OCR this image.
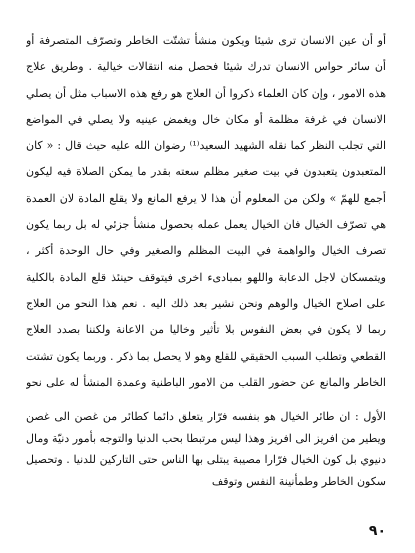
أو أن عين الانسان ترى شيئا ويكون منشأ تشتّت الخاطر وتصرّف المتصرفة أو أن سائر حواس الانسان تدرك شيئا فحصل منه انتقالات خيالية . وطريق علاج هذه الامور ، وإن كان العلماء ذكروا أن العلاج هو رفع هذه الاسباب مثل أن يصلي الانسان في غرفة مظلمة أو مكان خال ويغمض عينيه ولا يصلي في المواضع التي تجلب النظر كما نقله الشهيد السعيد⁽¹⁾ رضوان الله عليه حيث قال : « كان المتعبدون يتعبدون في بيت صغير مظلم سعته بقدر ما يمكن الصلاة فيه ليكون أجمع للهمّ » ولكن من المعلوم أن هذا لا يرفع المانع ولا يقلع المادة لان العمدة هي تصرّف الخيال فان الخيال يعمل عمله بحصول منشأ جزئي له بل ربما يكون تصرف الخيال والواهمة في البيت المظلم والصغير وفي حال الوحدة أكثر ، ويتمسكان لاجل الدعابة واللهو بمبادىء اخرى فيتوقف حينئذ قلع المادة بالكلية على اصلاح الخيال والوهم ونحن نشير بعد ذلك اليه . نعم هذا النحو من العلاج ربما لا يكون في بعض النفوس بلا تأثير وخاليا من الاعانة ولكننا بصدد العلاج القطعي وتطلب السبب الحقيقي للقلع وهو لا يحصل بما ذكر . وربما يكون تشتت الخاطر والمانع عن حضور القلب من الامور الباطنية وعمدة المنشأ له على نحو

الأول : ان طائر الخيال هو بنفسه فرّار يتعلق دائما كطائر من غصن الى غصن ويطير من افريز الى افريز وهذا ليس مرتبطا بحب الدنيا والتوجه بأمور دنيّة ومال دنيوي بل كون الخيال فرّارا مصيبة يبتلى بها الناس حتى التاركين للدنيا . وتحصيل سكون الخاطر وطمأنينة النفس وتوقف

٩٠
